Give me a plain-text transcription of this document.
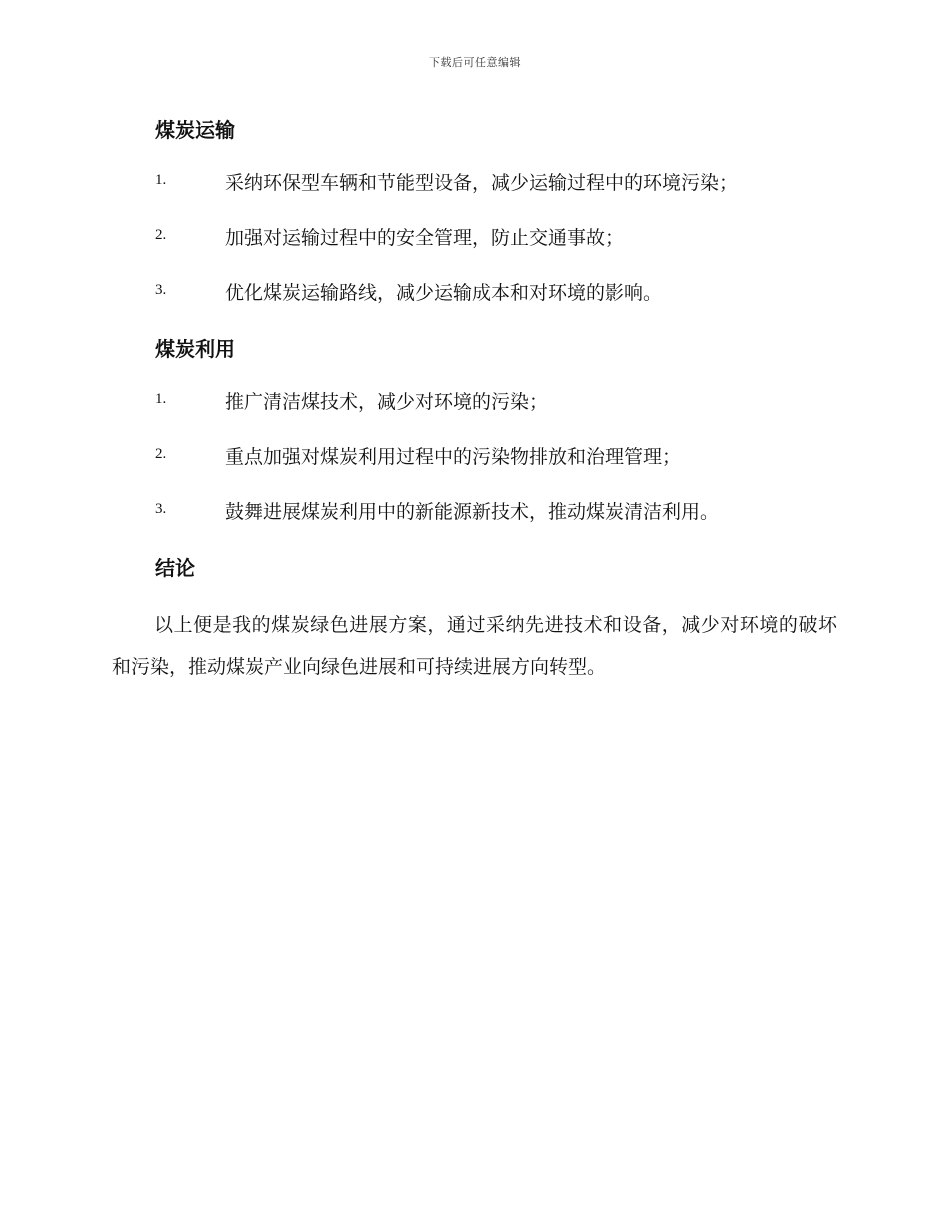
下载后可任意编辑
煤炭运输
1.	采纳环保型车辆和节能型设备，减少运输过程中的环境污染；
2.	加强对运输过程中的安全管理，防止交通事故；
3.	优化煤炭运输路线，减少运输成本和对环境的影响。
煤炭利用
1.	推广清洁煤技术，减少对环境的污染；
2.	重点加强对煤炭利用过程中的污染物排放和治理管理；
3.	鼓舞进展煤炭利用中的新能源新技术，推动煤炭清洁利用。
结论
以上便是我的煤炭绿色进展方案，通过采纳先进技术和设备，减少对环境的破坏和污染，推动煤炭产业向绿色进展和可持续进展方向转型。
